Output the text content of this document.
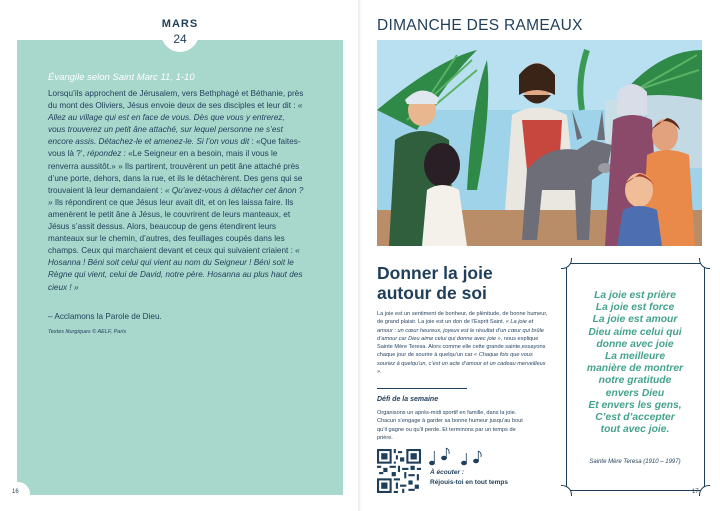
MARS
24
Évangile selon Saint Marc 11, 1-10

Lorsqu’ils approchent de Jérusalem, vers Bethphagé et Béthanie, près du mont des Oliviers, Jésus envoie deux de ses disciples et leur dit : « Allez au village qui est en face de vous. Dès que vous y entrerez, vous trouverez un petit âne attaché, sur lequel personne ne s’est encore assis. Détachez-le et amenez-le. Si l’on vous dit : «Que faites-vous là ?’, répondez : «Le Seigneur en a besoin, mais il vous le renverra aussitôt.» » Ils partirent, trouvèrent un petit âne attaché près d’une porte, dehors, dans la rue, et ils le détachèrent. Des gens qui se trouvaient là leur demandaient : « Qu’avez-vous à détacher cet ânon ? » Ils répondirent ce que Jésus leur avait dit, et on les laissa faire. Ils amenèrent le petit âne à Jésus, le couvrirent de leurs manteaux, et Jésus s’assit dessus. Alors, beaucoup de gens étendirent leurs manteaux sur le chemin, d’autres, des feuillages coupés dans les champs. Ceux qui marchaient devant et ceux qui suivaient criaient : « Hosanna ! Béni soit celui qui vient au nom du Seigneur ! Béni soit le Règne qui vient, celui de David, notre père. Hosanna au plus haut des cieux ! »

– Acclamons la Parole de Dieu.
Textes liturgiques © AELF, Paris
16
DIMANCHE DES RAMEAUX
Donner la joie autour de soi

La joie est un sentiment de bonheur, de plénitude, de bonne humeur, de grand plaisir. La joie est un don de l’Esprit Saint. « La joie et amour : un cœur heureux, joyeux est le résultat d’un cœur qui brûle d’amour car Dieu aime celui qui donne avec joie », nous explique Sainte Mère Teresa. Alors comme elle cette grande sainte,essayons chaque jour de sourire à quelqu’un car « Chaque fois que vous souriez à quelqu’un, c’est un acte d’amour et un cadeau merveilleux ».

Défi de la semaine

Organisons un après-midi sportif en famille, dans la joie. Chacun s’engage à garder sa bonne humeur jusqu’au bout qu’il gagne ou qu’il perde. Et terminons par un temps de prière.

À écouter :
Réjouis-toi en tout temps

La joie est prière
La joie est force
La joie est amour
Dieu aime celui qui
donne avec joie
La meilleure
manière de montrer
notre gratitude
envers Dieu
Et envers les gens,
C’est d’accepter
tout avec joie.

Sainte Mère Teresa (1910 – 1997)
17
